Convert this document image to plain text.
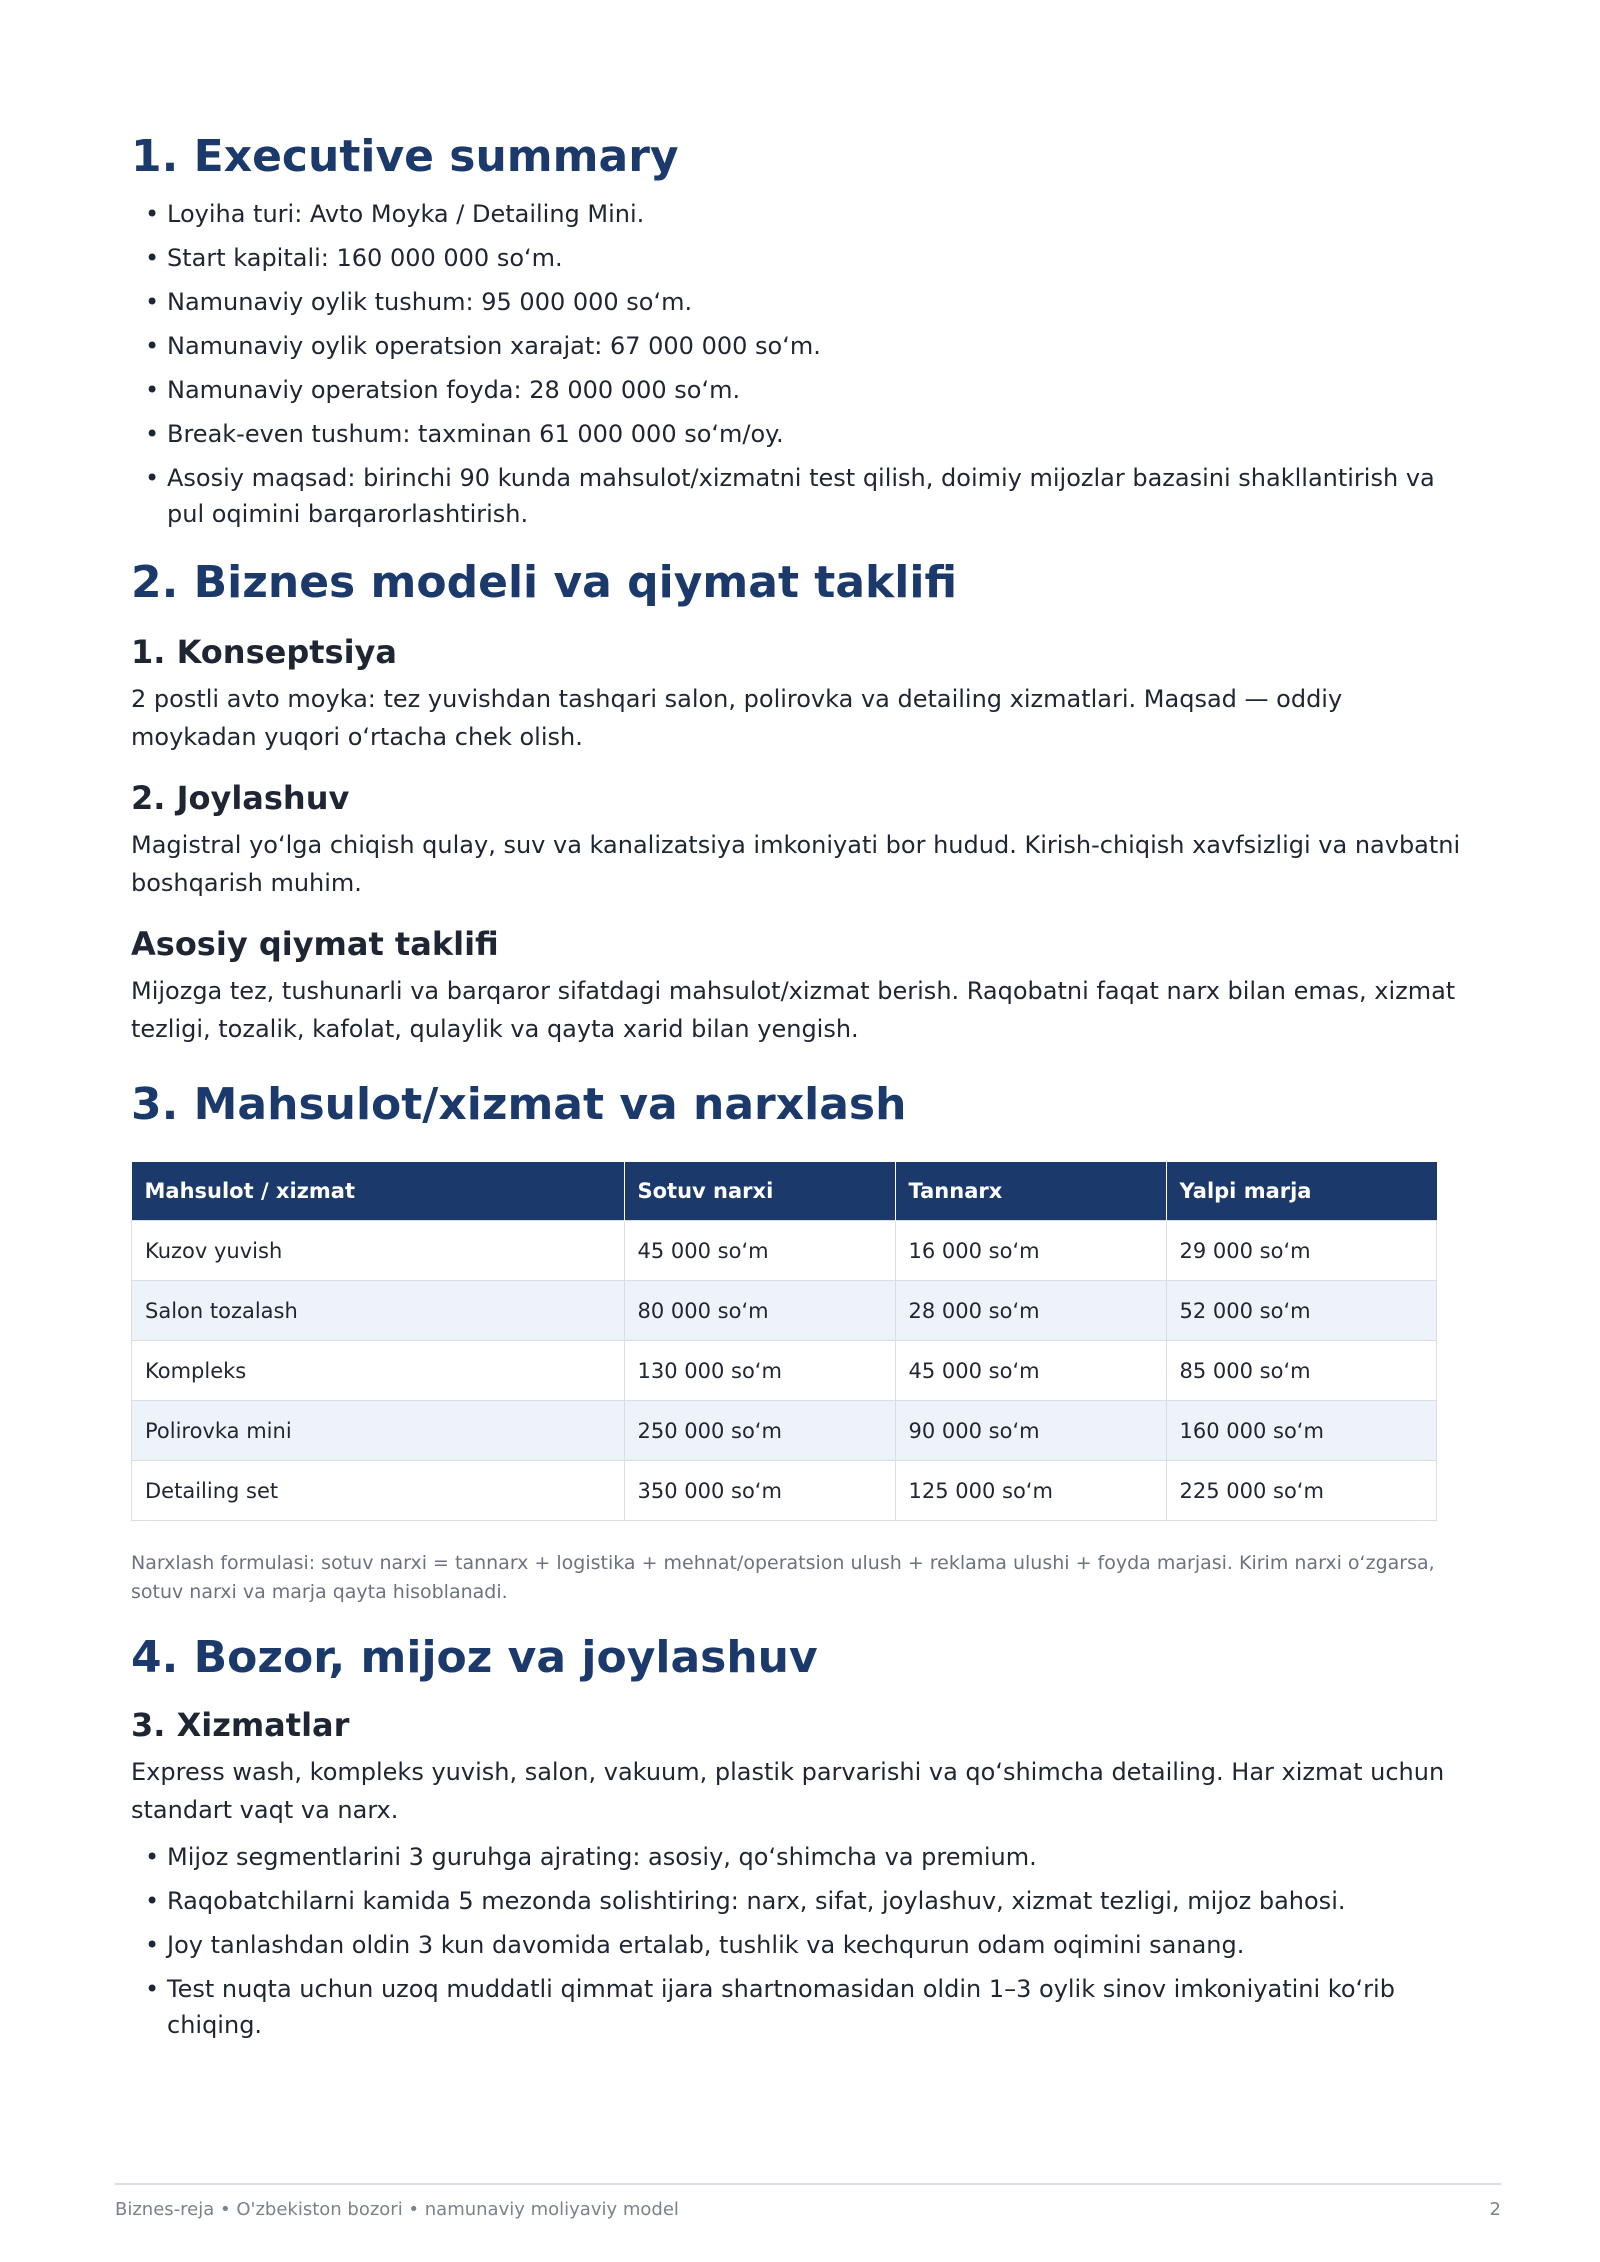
1. Executive summary
• Loyiha turi: Avto Moyka / Detailing Mini.
• Start kapitali: 160 000 000 so‘m.
• Namunaviy oylik tushum: 95 000 000 so‘m.
• Namunaviy oylik operatsion xarajat: 67 000 000 so‘m.
• Namunaviy operatsion foyda: 28 000 000 so‘m.
• Break-even tushum: taxminan 61 000 000 so‘m/oy.
• Asosiy maqsad: birinchi 90 kunda mahsulot/xizmatni test qilish, doimiy mijozlar bazasini shakllantirish va pul oqimini barqarorlashtirish.
2. Biznes modeli va qiymat taklifi
1. Konseptsiya

2 postli avto moyka: tez yuvishdan tashqari salon, polirovka va detailing xizmatlari. Maqsad — oddiy moykadan yuqori o‘rtacha chek olish.

2. Joylashuv

Magistral yo‘lga chiqish qulay, suv va kanalizatsiya imkoniyati bor hudud. Kirish-chiqish xavfsizligi va navbatni boshqarish muhim.

Asosiy qiymat taklifi

Mijozga tez, tushunarli va barqaror sifatdagi mahsulot/xizmat berish. Raqobatni faqat narx bilan emas, xizmat tezligi, tozalik, kafolat, qulaylik va qayta xarid bilan yengish.

3. Mahsulot/xizmat va narxlash
Mahsulot / xizmat	Sotuv narxi	Tannarx	Yalpi marja
Kuzov yuvish	45 000 so‘m	16 000 so‘m	29 000 so‘m
Salon tozalash	80 000 so‘m	28 000 so‘m	52 000 so‘m
Kompleks	130 000 so‘m	45 000 so‘m	85 000 so‘m
Polirovka mini	250 000 so‘m	90 000 so‘m	160 000 so‘m
Detailing set	350 000 so‘m	125 000 so‘m	225 000 so‘m

Narxlash formulasi: sotuv narxi = tannarx + logistika + mehnat/operatsion ulush + reklama ulushi + foyda marjasi. Kirim narxi o‘zgarsa, sotuv narxi va marja qayta hisoblanadi.

4. Bozor, mijoz va joylashuv
3. Xizmatlar

Express wash, kompleks yuvish, salon, vakuum, plastik parvarishi va qo‘shimcha detailing. Har xizmat uchun standart vaqt va narx.

• Mijoz segmentlarini 3 guruhga ajrating: asosiy, qo‘shimcha va premium.
• Raqobatchilarni kamida 5 mezonda solishtiring: narx, sifat, joylashuv, xizmat tezligi, mijoz bahosi.
• Joy tanlashdan oldin 3 kun davomida ertalab, tushlik va kechqurun odam oqimini sanang.
• Test nuqta uchun uzoq muddatli qimmat ijara shartnomasidan oldin 1–3 oylik sinov imkoniyatini ko‘rib chiqing.
Biznes-reja • O'zbekiston bozori • namunaviy moliyaviy model	2
